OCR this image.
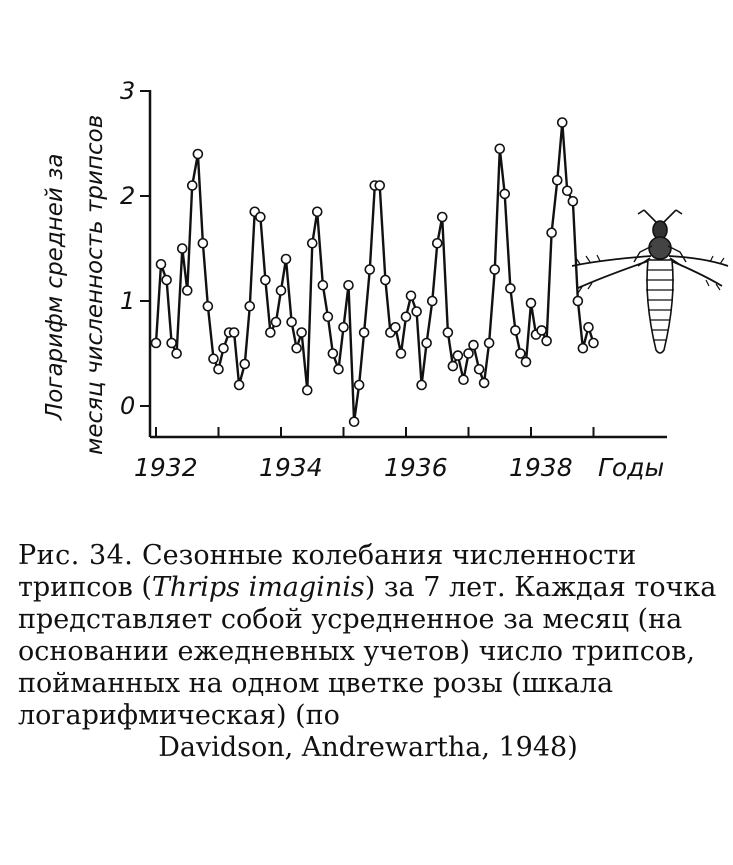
Логарифм средней за месяц численность трипсов 0
1
2
3
1932 1934 1936 1938 Годы
Рис. 34. Сезонные колебания численности трипсов (Thrips imaginis) за 7 лет. Каждая точка представляет собой усредненное за месяц (на основании ежедневных учетов) число трипсов, пойманных на одном цветке розы (шкала логарифмическая) (по
Davidson, Andrewartha, 1948)
